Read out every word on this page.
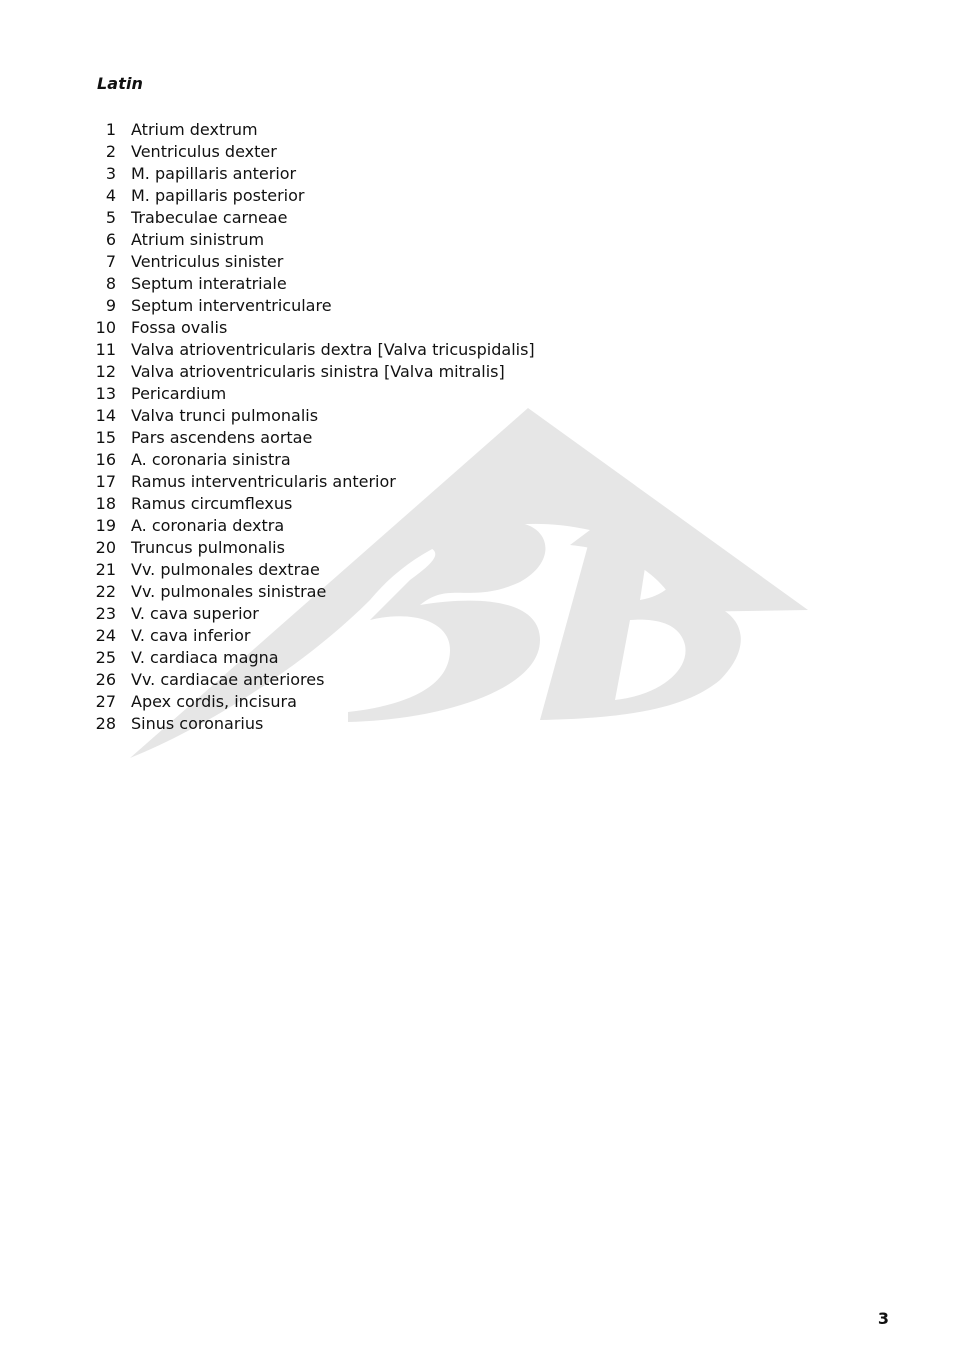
®
3B
Latin
1 Atrium dextrum
2 Ventriculus dexter
3 M. papillaris anterior
4 M. papillaris posterior
5 Trabeculae carneae
6 Atrium sinistrum
7 Ventriculus sinister
8 Septum interatriale
9 Septum interventriculare
10 Fossa ovalis
11 Valva atrioventricularis dextra [Valva tricuspidalis]
12 Valva atrioventricularis sinistra [Valva mitralis]
13 Pericardium
14 Valva trunci pulmonalis
15 Pars ascendens aortae
16 A. coronaria sinistra
17 Ramus interventricularis anterior
18 Ramus circumflexus
19 A. coronaria dextra
20 Truncus pulmonalis
21 Vv. pulmonales dextrae
22 Vv. pulmonales sinistrae
23 V. cava superior
24 V. cava inferior
25 V. cardiaca magna
26 Vv. cardiacae anteriores
27 Apex cordis, incisura
28 Sinus coronarius
3
